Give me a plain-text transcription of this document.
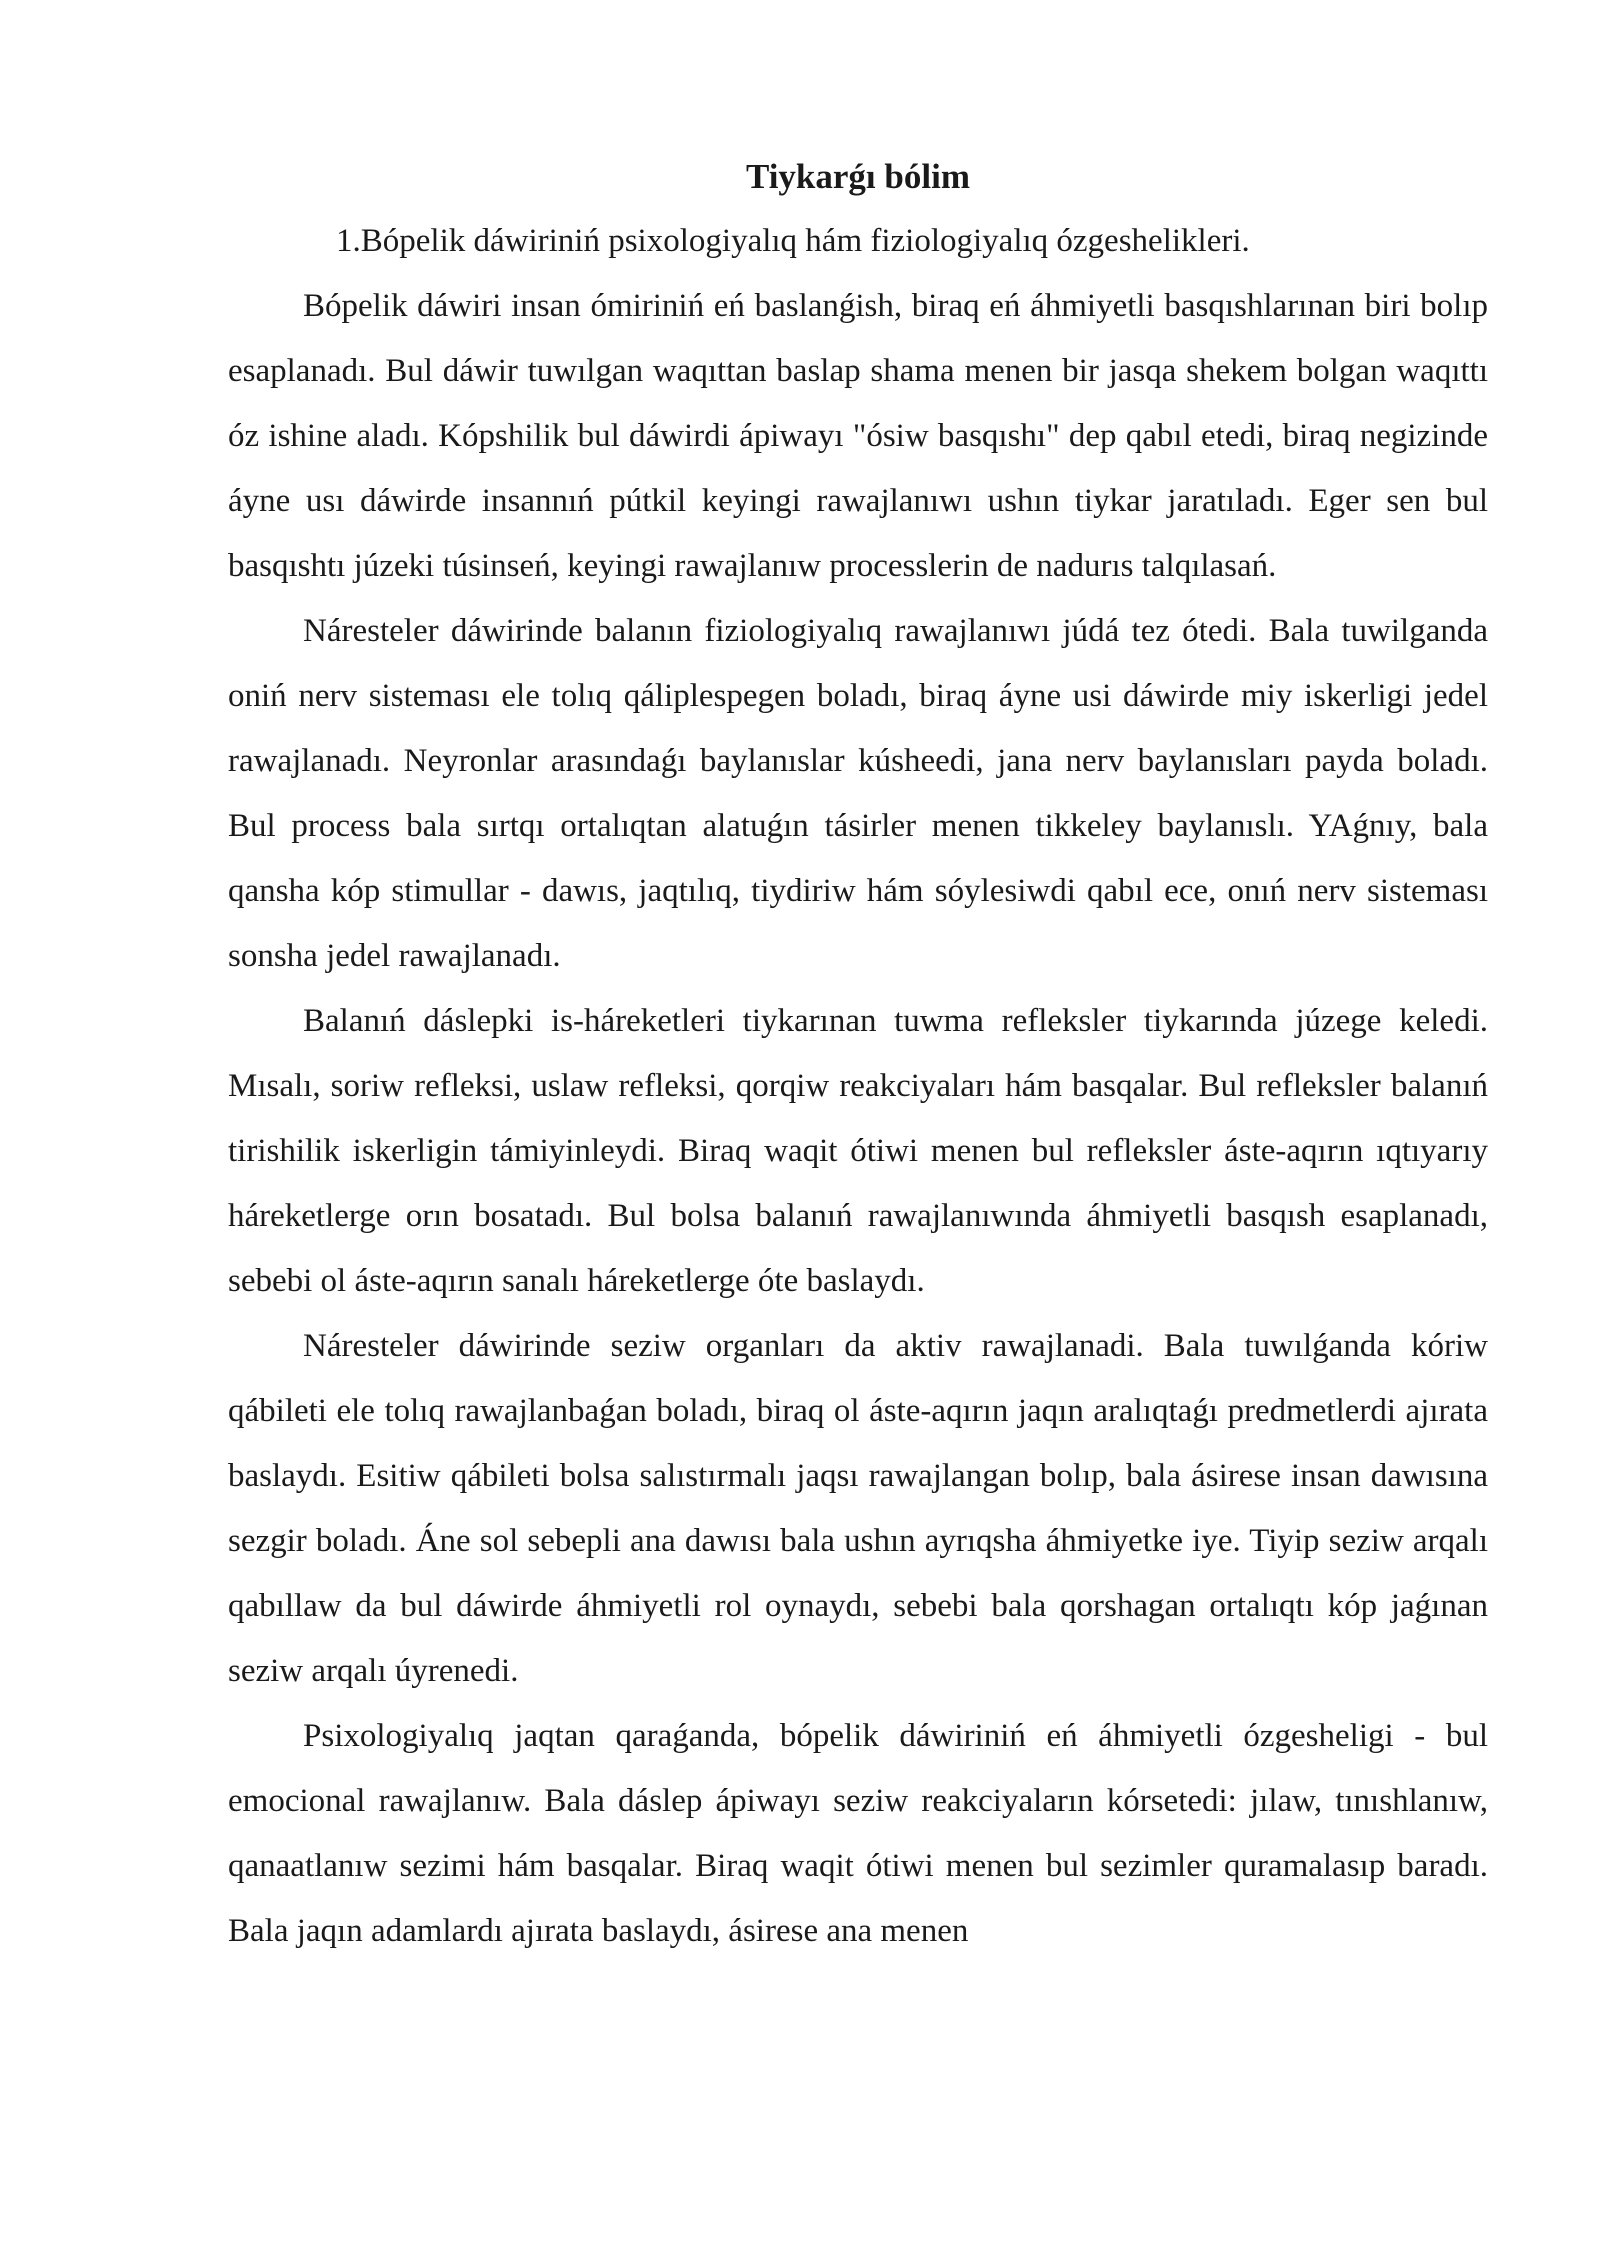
Tiykarǵı bólim
1.Bópelik dáwiriniń psixologiyalıq hám fiziologiyalıq ózgeshelikleri.

Bópelik dáwiri insan ómiriniń eń baslanǵish, biraq eń áhmiyetli basqıshlarınan biri bolıp esaplanadı. Bul dáwir tuwılgan waqıttan baslap shama menen bir jasqa shekem bolgan waqıttı óz ishine aladı. Kópshilik bul dáwirdi ápiwayı "ósiw basqıshı" dep qabıl etedi, biraq negizinde áyne usı dáwirde insannıń pútkil keyingi rawajlanıwı ushın tiykar jaratıladı. Eger sen bul basqıshtı júzeki túsinseń, keyingi rawajlanıw processlerin de nadurıs talqılasań.

Náresteler dáwirinde balanın fiziologiyalıq rawajlanıwı júdá tez ótedi. Bala tuwilganda oniń nerv sisteması ele tolıq qáliplespegen boladı, biraq áyne usi dáwirde miy iskerligi jedel rawajlanadı. Neyronlar arasındaǵı baylanıslar kúsheedi, jana nerv baylanısları payda boladı. Bul process bala sırtqı ortalıqtan alatuǵın tásirler menen tikkeley baylanıslı. YAǵnıy, bala qansha kóp stimullar - dawıs, jaqtılıq, tiydiriw hám sóylesiwdi qabıl ece, onıń nerv sisteması sonsha jedel rawajlanadı.

Balanıń dáslepki is-háreketleri tiykarınan tuwma refleksler tiykarında júzege keledi. Mısalı, soriw refleksi, uslaw refleksi, qorqiw reakciyaları hám basqalar. Bul refleksler balanıń tirishilik iskerligin támiyinleydi. Biraq waqit ótiwi menen bul refleksler áste-aqırın ıqtıyarıy háreketlerge orın bosatadı. Bul bolsa balanıń rawajlanıwında áhmiyetli basqısh esaplanadı, sebebi ol áste-aqırın sanalı háreketlerge óte baslaydı.

Náresteler dáwirinde seziw organları da aktiv rawajlanadi. Bala tuwılǵanda kóriw qábileti ele tolıq rawajlanbaǵan boladı, biraq ol áste-aqırın jaqın aralıqtaǵı predmetlerdi ajırata baslaydı. Esitiw qábileti bolsa salıstırmalı jaqsı rawajlangan bolıp, bala ásirese insan dawısına sezgir boladı. Áne sol sebepli ana dawısı bala ushın ayrıqsha áhmiyetke iye. Tiyip seziw arqalı qabıllaw da bul dáwirde áhmiyetli rol oynaydı, sebebi bala qorshagan ortalıqtı kóp jaǵınan seziw arqalı úyrenedi.

Psixologiyalıq jaqtan qaraǵanda, bópelik dáwiriniń eń áhmiyetli ózgesheligi - bul emocional rawajlanıw. Bala dáslep ápiwayı seziw reakciyaların kórsetedi: jılaw, tınıshlanıw, qanaatlanıw sezimi hám basqalar. Biraq waqit ótiwi menen bul sezimler quramalasıp baradı. Bala jaqın adamlardı ajırata baslaydı, ásirese ana menen
